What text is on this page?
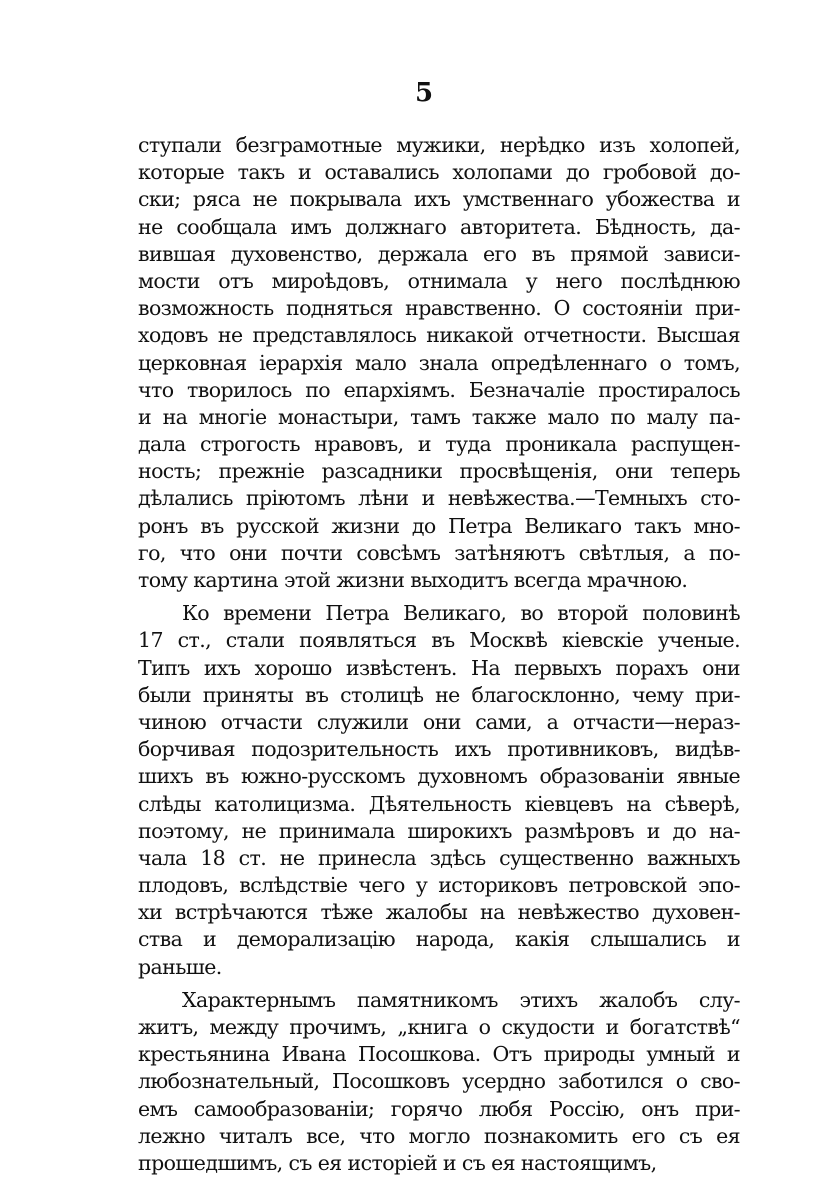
5
ступали безграмотные мужики, нерѣдко изъ холопей,
которые такъ и оставались холопами до гробовой до-
ски; ряса не покрывала ихъ умственнаго убожества и
не сообщала имъ должнаго авторитета. Бѣдность, да-
вившая духовенство, держала его въ прямой зависи-
мости отъ мироѣдовъ, отнимала у него послѣднюю
возможность подняться нравственно. О состояніи при-
ходовъ не представлялось никакой отчетности. Высшая
церковная іерархія мало знала опредѣленнаго о томъ,
что творилось по епархіямъ. Безначаліе простиралось
и на многіе монастыри, тамъ также мало по малу па-
дала строгость нравовъ, и туда проникала распущен-
ность; прежніе разсадники просвѣщенія, они теперь
дѣлались пріютомъ лѣни и невѣжества.—Темныхъ сто-
ронъ въ русской жизни до Петра Великаго такъ мно-
го, что они почти совсѣмъ затѣняютъ свѣтлыя, а по-
тому картина этой жизни выходитъ всегда мрачною.
Ко времени Петра Великаго, во второй половинѣ
17 ст., стали появляться въ Москвѣ кіевскіе ученые.
Типъ ихъ хорошо извѣстенъ. На первыхъ порахъ они
были приняты въ столицѣ не благосклонно, чему при-
чиною отчасти служили они сами, а отчасти—нераз-
борчивая подозрительность ихъ противниковъ, видѣв-
шихъ въ южно-русскомъ духовномъ образованіи явные
слѣды католицизма. Дѣятельность кіевцевъ на сѣверѣ,
поэтому, не принимала широкихъ размѣровъ и до на-
чала 18 ст. не принесла здѣсь существенно важныхъ
плодовъ, вслѣдствіе чего у историковъ петровской эпо-
хи встрѣчаются тѣже жалобы на невѣжество духовен-
ства и деморализацію народа, какія слышались и
раньше.
Характернымъ памятникомъ этихъ жалобъ слу-
житъ, между прочимъ, „книга о скудости и богатствѣ“
крестьянина Ивана Посошкова. Отъ природы умный и
любознательный, Посошковъ усердно заботился о сво-
емъ самообразованіи; горячо любя Россію, онъ при-
лежно читалъ все, что могло познакомить его съ ея
прошедшимъ, съ ея исторіей и съ ея настоящимъ,
